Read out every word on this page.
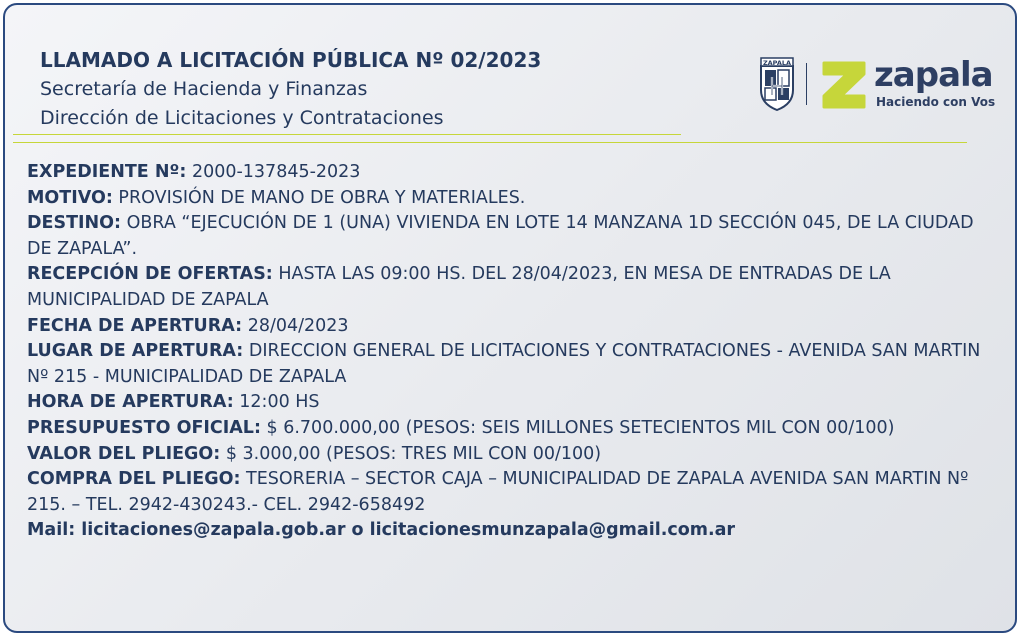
LLAMADO A LICITACIÓN PÚBLICA Nº 02/2023
Secretaría de Hacienda y Finanzas
Dirección de Licitaciones y Contrataciones
ZAPALA zapala
Haciendo con Vos

EXPEDIENTE Nº: 2000-137845-2023

MOTIVO: PROVISIÓN DE MANO DE OBRA Y MATERIALES.

DESTINO: OBRA “EJECUCIÓN DE 1 (UNA) VIVIENDA EN LOTE 14 MANZANA 1D SECCIÓN 045, DE LA CIUDAD DE ZAPALA”.

RECEPCIÓN DE OFERTAS: HASTA LAS 09:00 HS. DEL 28/04/2023, EN MESA DE ENTRADAS DE LA MUNICIPALIDAD DE ZAPALA

FECHA DE APERTURA: 28/04/2023

LUGAR DE APERTURA: DIRECCION GENERAL DE LICITACIONES Y CONTRATACIONES - AVENIDA SAN MARTIN Nº 215 - MUNICIPALIDAD DE ZAPALA

HORA DE APERTURA: 12:00 HS

PRESUPUESTO OFICIAL: $ 6.700.000,00 (PESOS: SEIS MILLONES SETECIENTOS MIL CON 00/100)

VALOR DEL PLIEGO: $ 3.000,00 (PESOS: TRES MIL CON 00/100)

COMPRA DEL PLIEGO: TESORERIA – SECTOR CAJA – MUNICIPALIDAD DE ZAPALA AVENIDA SAN MARTIN Nº 215. – TEL. 2942-430243.- CEL. 2942-658492

Mail: licitaciones@zapala.gob.ar o licitacionesmunzapala@gmail.com.ar
